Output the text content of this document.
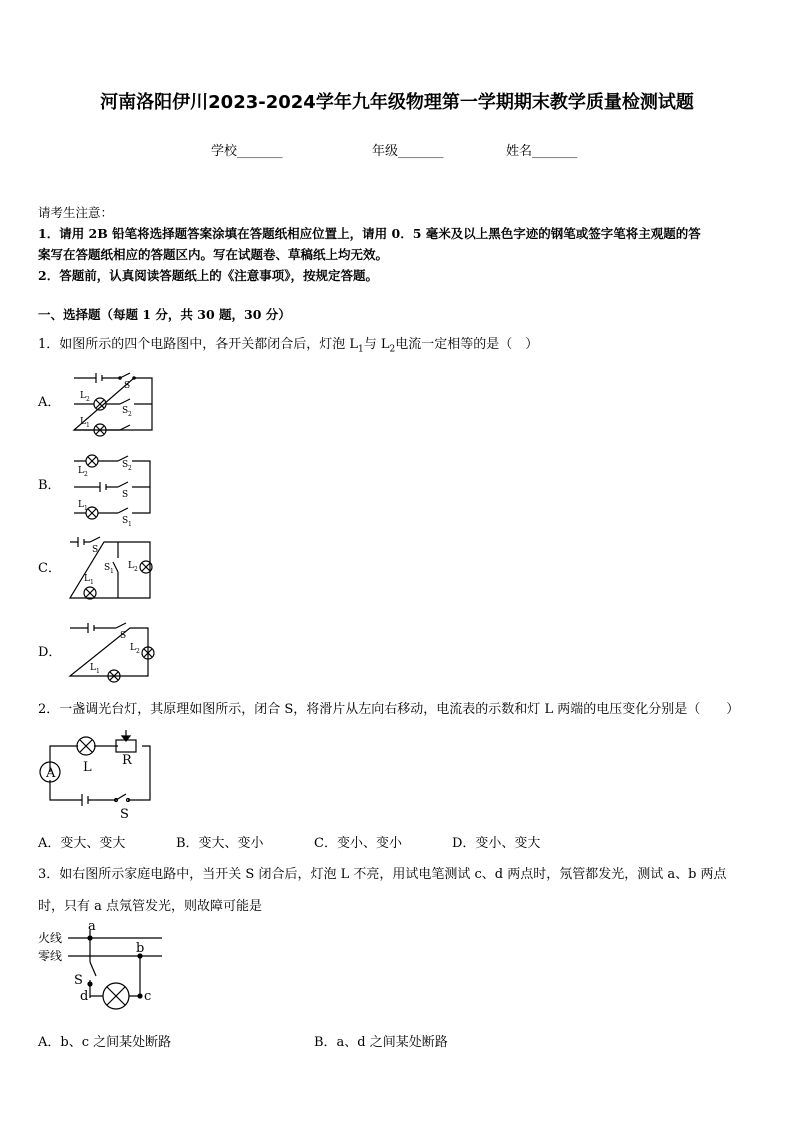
河南洛阳伊川2023-2024学年九年级物理第一学期期末教学质量检测试题
学校_______	年级_______	姓名_______
请考生注意：
1．请用 2B 铅笔将选择题答案涂填在答题纸相应位置上，请用 0．5 毫米及以上黑色字迹的钢笔或签字笔将主观题的答
案写在答题纸相应的答题区内。写在试题卷、草稿纸上均无效。
2．答题前，认真阅读答题纸上的《注意事项》，按规定答题。
一、选择题（每题 1 分，共 30 题，30 分）
1．如图所示的四个电路图中，各开关都闭合后，灯泡 $L_1$与 $L_2$电流一定相等的是（　）
A．
B．
C．
D．
S
L 2
S 2
L 1
L 2
S 2
S
L 1
S 1
S
S 1
L 2
L 1
S
L 2
L 1
2．一盏调光台灯，其原理如图所示，闭合 S，将滑片从左向右移动，电流表的示数和灯 L 两端的电压变化分别是（　　）
A L R
S
A．变大、变大	B．变大、变小	C．变小、变小	D．变小、变大
3．如右图所示家庭电路中，当开关 S 闭合后，灯泡 L 不亮，用试电笔测试 c、d 两点时，氖管都发光，测试 a、b 两点
时，只有 a 点氖管发光，则故障可能是
火线
零线
a
b
S
d	c
A．b、c 之间某处断路	B．a、d 之间某处断路
